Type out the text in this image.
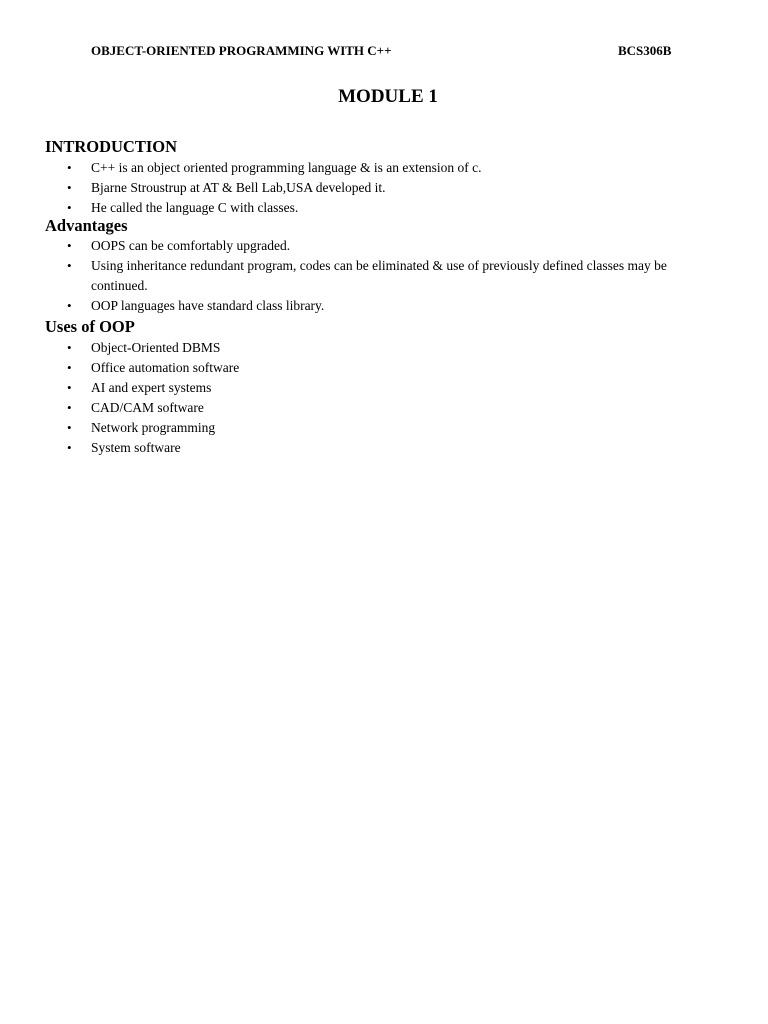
OBJECT-ORIENTED PROGRAMMING WITH C++	BCS306B
MODULE 1
INTRODUCTION
• C++ is an object oriented programming language & is an extension of c.
• Bjarne Stroustrup at AT & Bell Lab,USA developed it.
• He called the language C with classes.
Advantages
• OOPS can be comfortably upgraded.
• Using inheritance redundant program, codes can be eliminated & use of previously defined classes may be continued.
• OOP languages have standard class library.
Uses of OOP
• Object-Oriented DBMS
• Office automation software
• AI and expert systems
• CAD/CAM software
• Network programming
• System software
